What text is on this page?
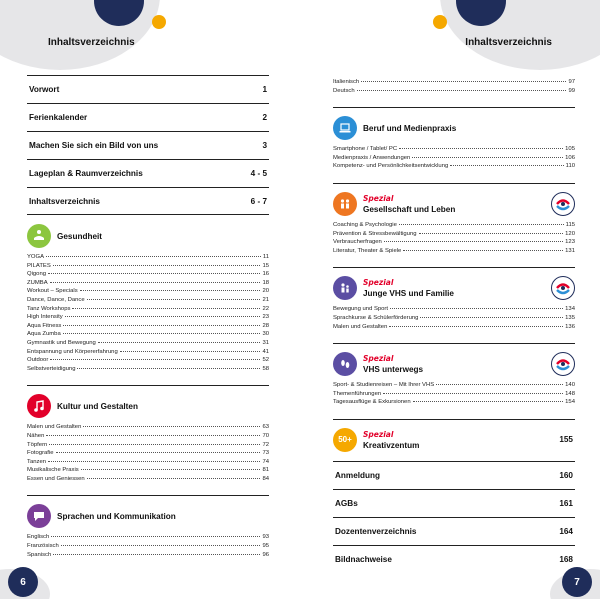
Inhaltsverzeichnis	Inhaltsverzeichnis
Vorwort	1
Ferienkalender	2
Machen Sie sich ein Bild von uns	3
Lageplan & Raumverzeichnis	4 - 5
Inhaltsverzeichnis	6 - 7
Gesundheit
YOGA	11
PILATES	15
Qigong	16
ZUMBA	18
Workout – Specials	20
Dance, Dance, Dance	21
Tanz Workshops	22
High Intensity	23
Aqua Fitness	28
Aqua Zumba	30
Gymnastik und Bewegung	31
Entspannung und Körpererfahrung	41
Outdoor	52
Selbstverteidigung	58
Kultur und Gestalten
Malen und Gestalten	63
Nähen	70
Töpfern	72
Fotografie	73
Tanzen	74
Musikalische Praxis	81
Essen und Geniessen	84
Sprachen und Kommunikation
Englisch	93
Französisch	95
Spanisch	96
Italienisch	97
Deutsch	99
Beruf und Medienpraxis
Smartphone / Tablet/ PC	105
Medienpraxis / Anwendungen	106
Kompetenz- und Persönlichkeitsentwicklung	110
Spezial
Gesellschaft und Leben
Coaching & Psychologie	115
Prävention & Stressbewältigung	120
Verbraucherfragen	123
Literatur, Theater & Spiele	131
Spezial
Junge VHS und Familie
Bewegung und Sport	134
Sprachkurse & Schülerförderung	135
Malen und Gestalten	136
Spezial
VHS unterwegs
Sport- & Studienreisen – Mit Ihrer VHS	140
Themenführungen	148
Tagesausflüge & Exkursionen	154
50+
Spezial
Kreativzentum
155
Anmeldung	160
AGBs	161
Dozentenverzeichnis	164
Bildnachweise	168
6	7
